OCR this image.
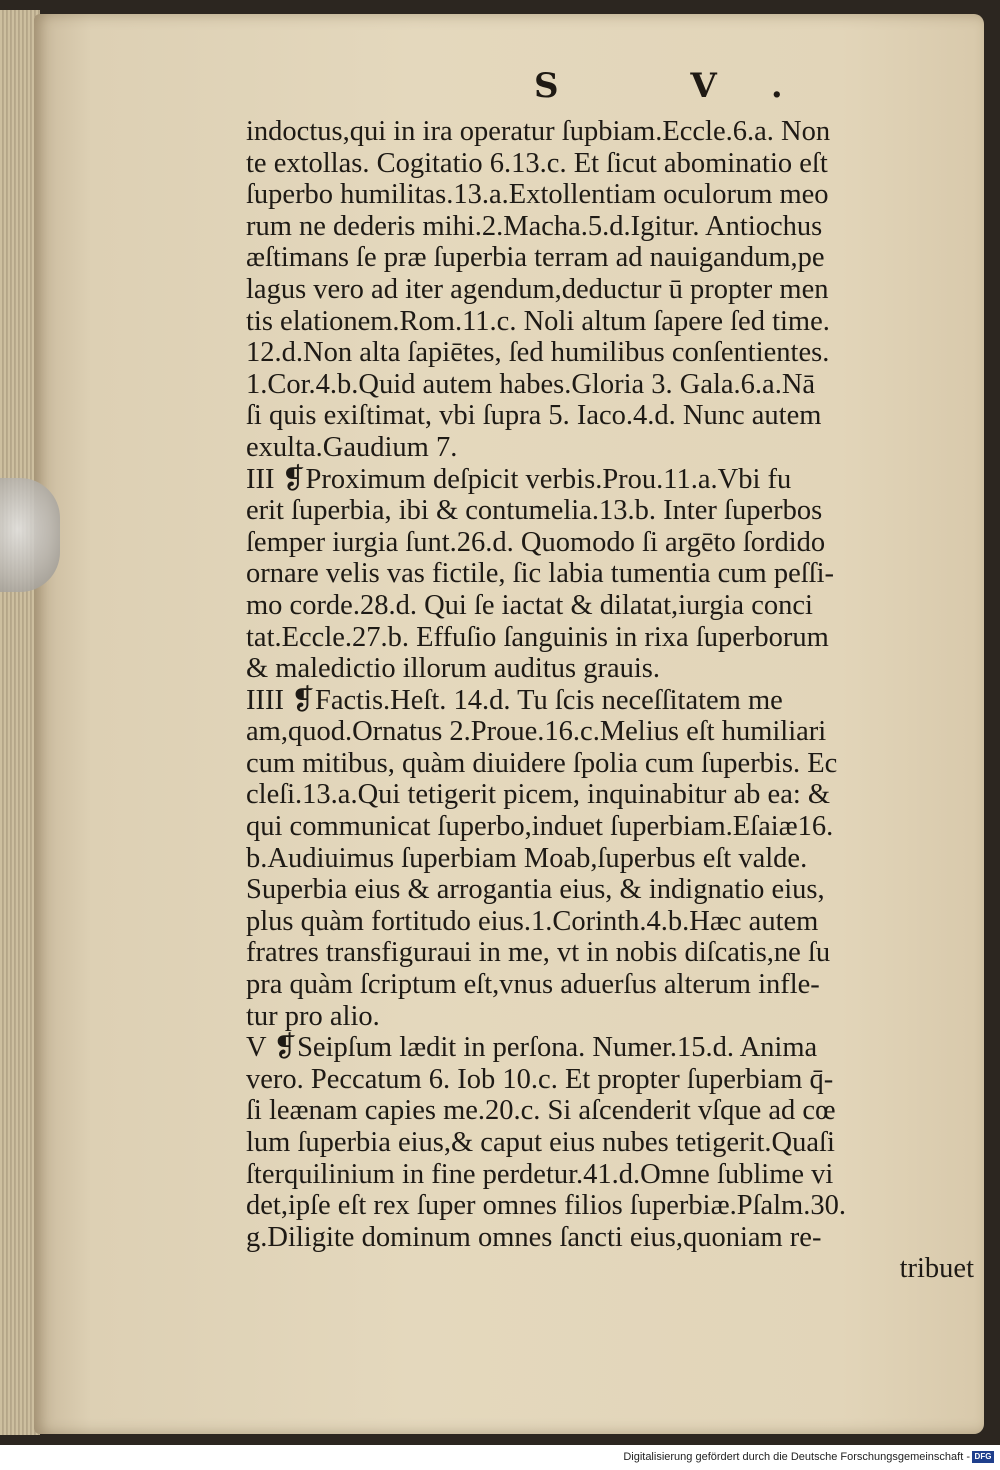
S V.
indoctus,qui in ira operatur ſupbiam.Eccle.6.a. Non
te extollas. Cogitatio 6.13.c. Et ſicut abominatio eſt
ſuperbo humilitas.13.a.Extollentiam oculorum meo
rum ne dederis mihi.2.Macha.5.d.Igitur. Antiochus
æſtimans ſe præ ſuperbia terram ad nauigandum,pe
lagus vero ad iter agendum,deductur ū propter men
tis elationem.Rom.11.c. Noli altum ſapere ſed time.
12.d.Non alta ſapiētes, ſed humilibus conſentientes.
1.Cor.4.b.Quid autem habes.Gloria 3. Gala.6.a.Nā
ſi quis exiſtimat, vbi ſupra 5. Iaco.4.d. Nunc autem
exulta.Gaudium 7.
III ❡Proximum deſpicit verbis.Prou.11.a.Vbi fu
erit ſuperbia, ibi & contumelia.13.b. Inter ſuperbos
ſemper iurgia ſunt.26.d. Quomodo ſi argēto ſordido
ornare velis vas fictile, ſic labia tumentia cum peſſi-
mo corde.28.d. Qui ſe iactat & dilatat,iurgia conci
tat.Eccle.27.b. Effuſio ſanguinis in rixa ſuperborum
& maledictio illorum auditus grauis.
IIII ❡Factis.Heſt. 14.d. Tu ſcis neceſſitatem me
am,quod.Ornatus 2.Proue.16.c.Melius eſt humiliari
cum mitibus, quàm diuidere ſpolia cum ſuperbis. Ec
cleſi.13.a.Qui tetigerit picem, inquinabitur ab ea: &
qui communicat ſuperbo,induet ſuperbiam.Eſaiæ16.
b.Audiuimus ſuperbiam Moab,ſuperbus eſt valde.
Superbia eius & arrogantia eius, & indignatio eius,
plus quàm fortitudo eius.1.Corinth.4.b.Hæc autem
fratres transfiguraui in me, vt in nobis diſcatis,ne ſu
pra quàm ſcriptum eſt,vnus aduerſus alterum infle-
tur pro alio.
V ❡Seipſum lædit in perſona. Numer.15.d. Anima
vero. Peccatum 6. Iob 10.c. Et propter ſuperbiam q̄-
ſi leænam capies me.20.c. Si aſcenderit vſque ad cœ
lum ſuperbia eius,& caput eius nubes tetigerit.Quaſi
ſterquilinium in fine perdetur.41.d.Omne ſublime vi
det,ipſe eſt rex ſuper omnes filios ſuperbiæ.Pſalm.30.
g.Diligite dominum omnes ſancti eius,quoniam re-
tribuet
Digitalisierung gefördert durch die Deutsche Forschungsgemeinschaft - DFG
